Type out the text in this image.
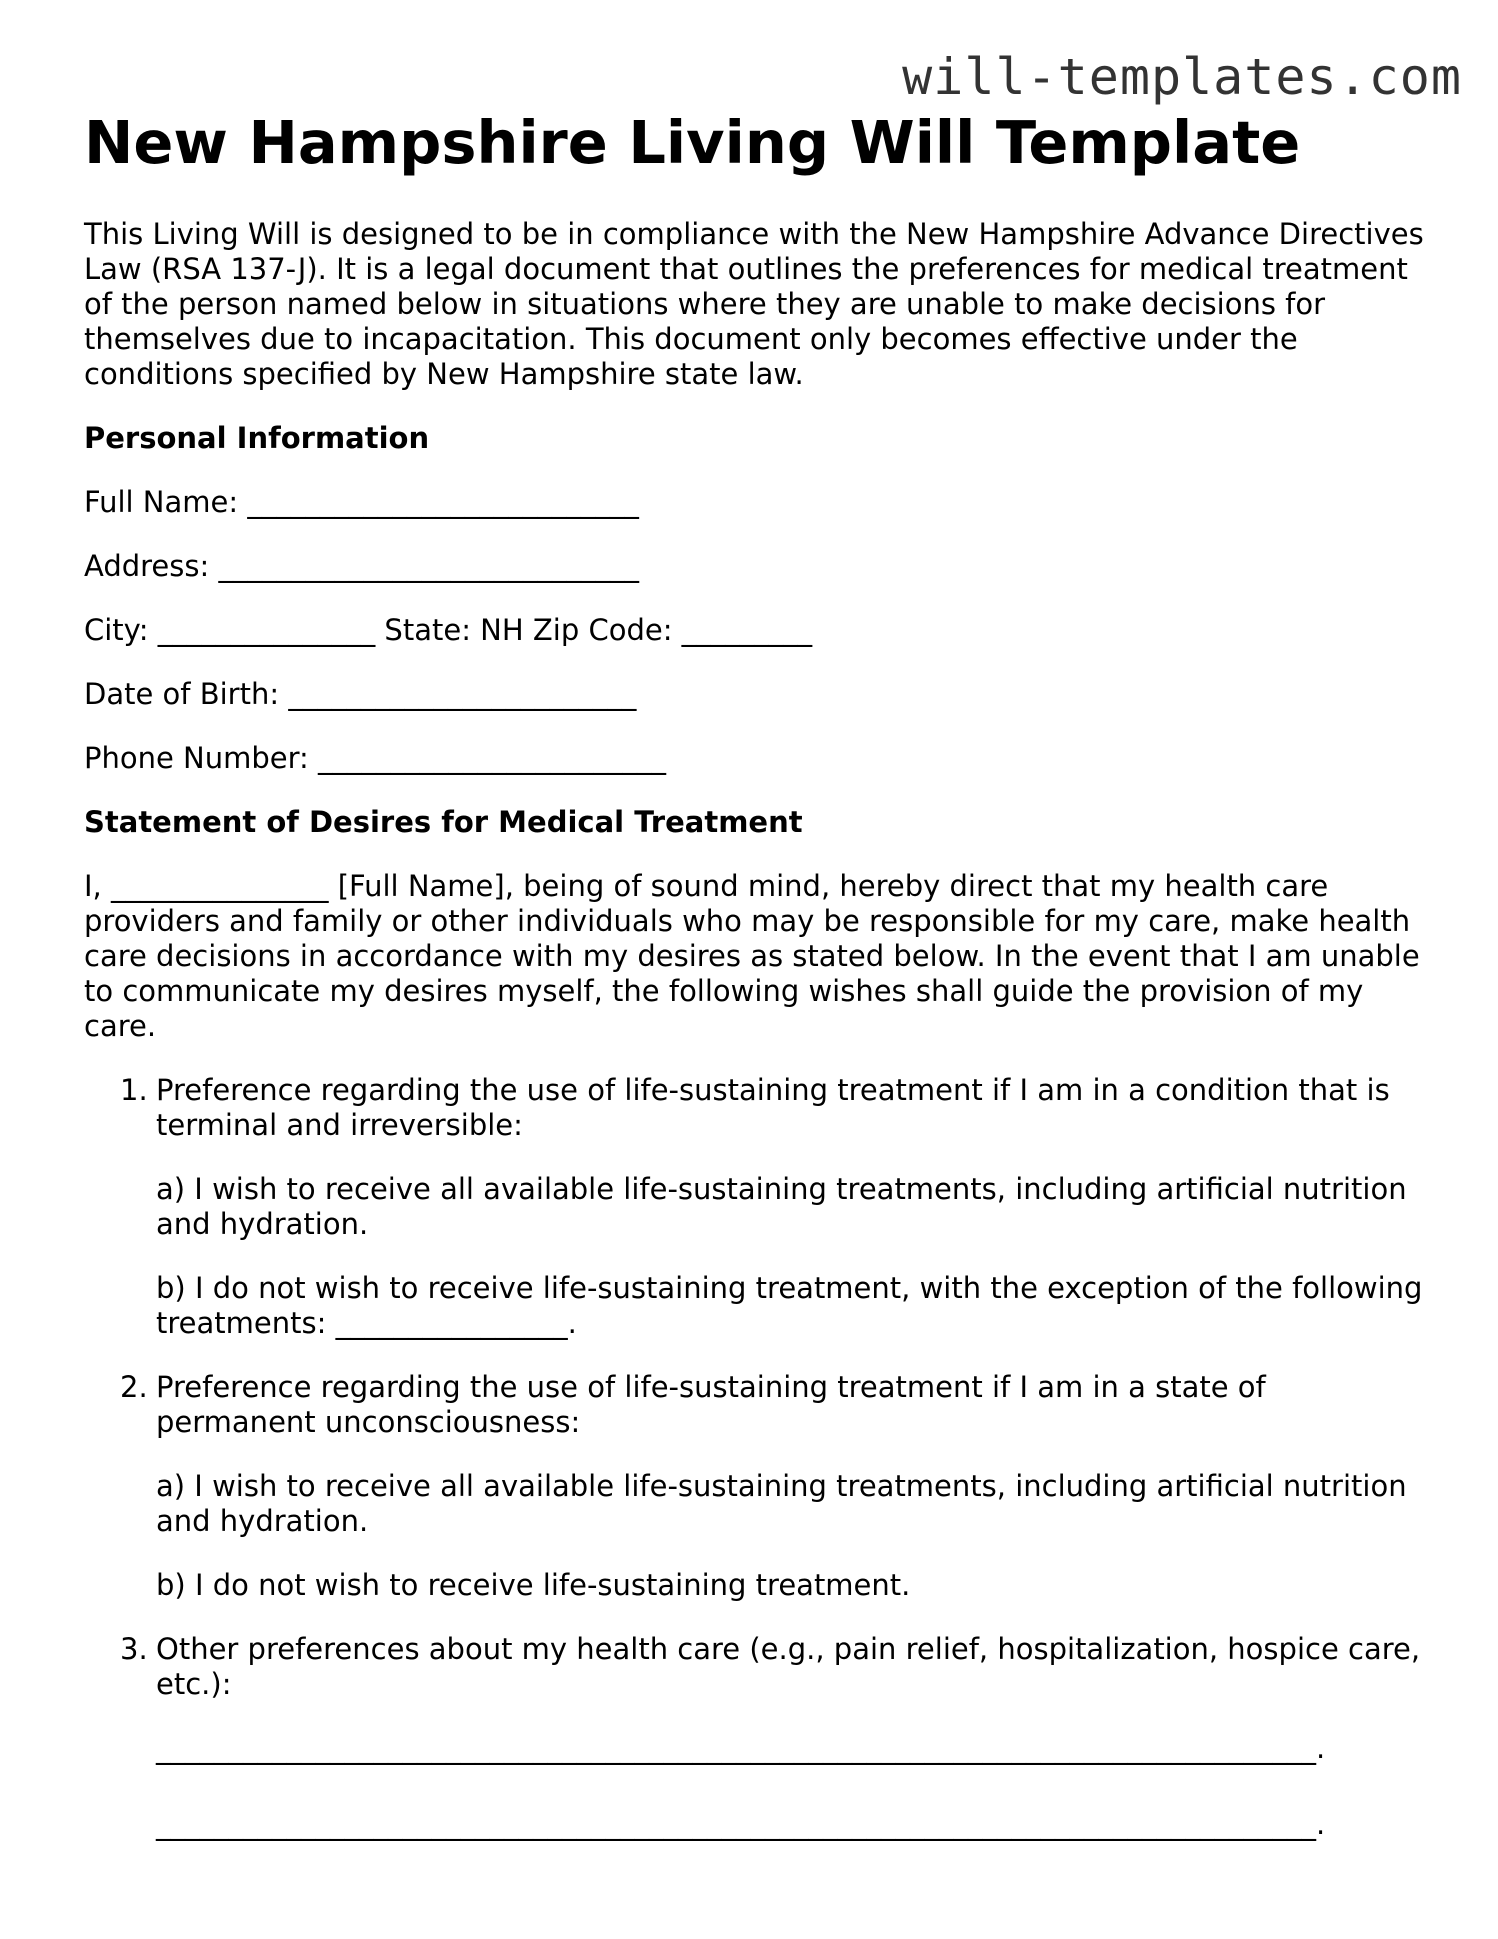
will-templates.com
New Hampshire Living Will Template

This Living Will is designed to be in compliance with the New Hampshire Advance Directives Law (RSA 137-J). It is a legal document that outlines the preferences for medical treatment of the person named below in situations where they are unable to make decisions for themselves due to incapacitation. This document only becomes effective under the conditions specified by New Hampshire state law.

Personal Information
Full Name: ___________________________
Address: _____________________________
City: _______________ State: NH Zip Code: _________
Date of Birth: ________________________
Phone Number: ________________________
Statement of Desires for Medical Treatment

I, _______________ [Full Name], being of sound mind, hereby direct that my health care providers and family or other individuals who may be responsible for my care, make health care decisions in accordance with my desires as stated below. In the event that I am unable to communicate my desires myself, the following wishes shall guide the provision of my care.

1. Preference regarding the use of life-sustaining treatment if I am in a condition that is terminal and irreversible:
a) I wish to receive all available life-sustaining treatments, including artificial nutrition and hydration.
b) I do not wish to receive life-sustaining treatment, with the exception of the following treatments: ________________.
2. Preference regarding the use of life-sustaining treatment if I am in a state of permanent unconsciousness:
a) I wish to receive all available life-sustaining treatments, including artificial nutrition and hydration.
b) I do not wish to receive life-sustaining treatment.
3. Other preferences about my health care (e.g., pain relief, hospitalization, hospice care, etc.):
________________________________________________________________________________.
________________________________________________________________________________.
